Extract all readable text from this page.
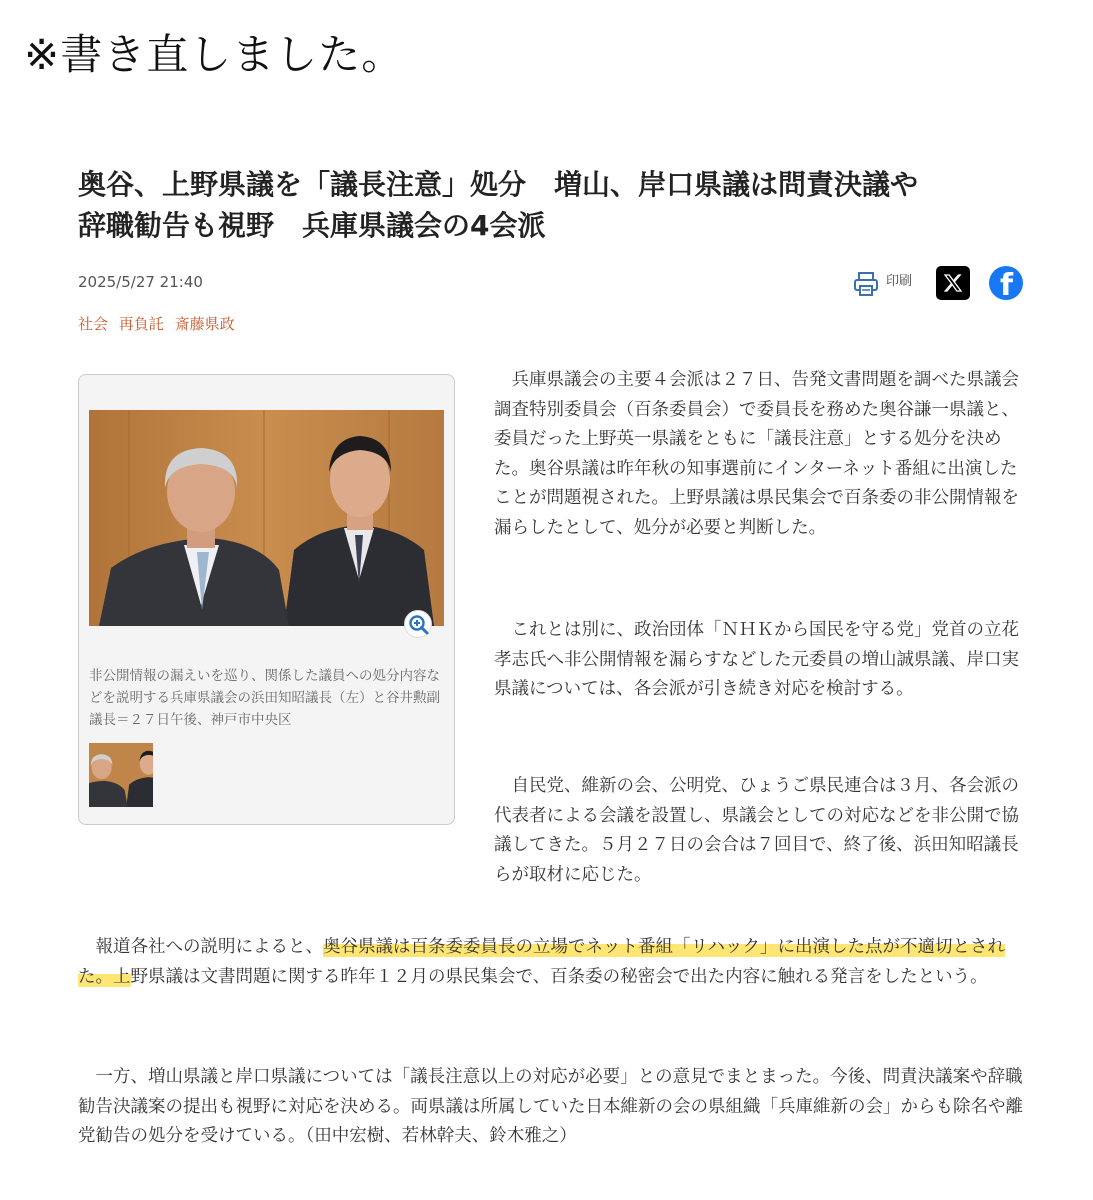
※書き直しました。
奥谷、上野県議を「議長注意」処分　増山、岸口県議は問責決議や
辞職勧告も視野　兵庫県議会の4会派
2025/5/27 21:40	印刷	f
社会 再負託 斎藤県政

非公開情報の漏えいを巡り、関係した議員への処分内容などを説明する兵庫県議会の浜田知昭議長（左）と谷井勲副議長＝２７日午後、神戸市中央区

兵庫県議会の主要４会派は２７日、告発文書問題を調べた県議会調査特別委員会（百条委員会）で委員長を務めた奥谷謙一県議と、委員だった上野英一県議をともに「議長注意」とする処分を決めた。奥谷県議は昨年秋の知事選前にインターネット番組に出演したことが問題視された。上野県議は県民集会で百条委の非公開情報を漏らしたとして、処分が必要と判断した。

これとは別に、政治団体「ＮＨＫから国民を守る党」党首の立花孝志氏へ非公開情報を漏らすなどした元委員の増山誠県議、岸口実県議については、各会派が引き続き対応を検討する。

自民党、維新の会、公明党、ひょうご県民連合は３月、各会派の代表者による会議を設置し、県議会としての対応などを非公開で協議してきた。５月２７日の会合は７回目で、終了後、浜田知昭議長らが取材に応じた。

報道各社への説明によると、奥谷県議は百条委委員長の立場でネット番組「リハック」に出演した点が不適切とされた。上野県議は文書問題に関する昨年１２月の県民集会で、百条委の秘密会で出た内容に触れる発言をしたという。

一方、増山県議と岸口県議については「議長注意以上の対応が必要」との意見でまとまった。今後、問責決議案や辞職勧告決議案の提出も視野に対応を決める。両県議は所属していた日本維新の会の県組織「兵庫維新の会」からも除名や離党勧告の処分を受けている。（田中宏樹、若林幹夫、鈴木雅之）
